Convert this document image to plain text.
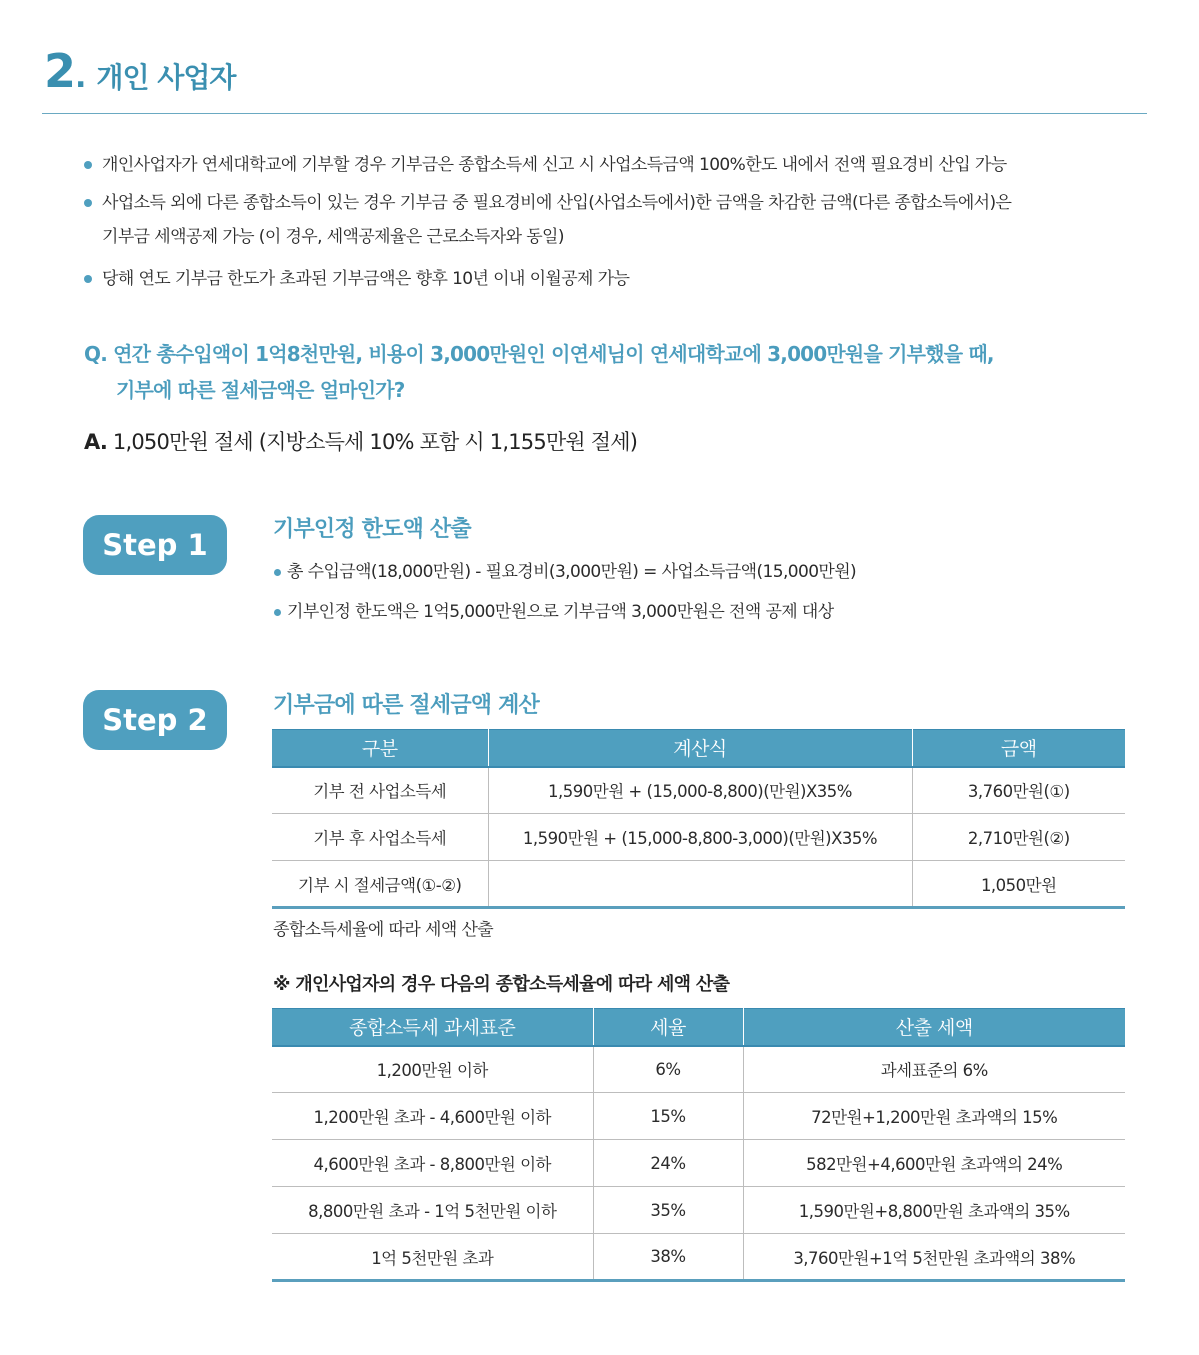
2 . 개인 사업자
개인사업자가 연세대학교에 기부할 경우 기부금은 종합소득세 신고 시 사업소득금액 100%한도 내에서 전액 필요경비 산입 가능
사업소득 외에 다른 종합소득이 있는 경우 기부금 중 필요경비에 산입(사업소득에서)한 금액을 차감한 금액(다른 종합소득에서)은
기부금 세액공제 가능 (이 경우, 세액공제율은 근로소득자와 동일)
당해 연도 기부금 한도가 초과된 기부금액은 향후 10년 이내 이월공제 가능
Q. 연간 총수입액이 1억8천만원, 비용이 3,000만원인 이연세님이 연세대학교에 3,000만원을 기부했을 때,
기부에 따른 절세금액은 얼마인가?
A. 1,050만원 절세 (지방소득세 10% 포함 시 1,155만원 절세)
Step 1	기부인정 한도액 산출
총 수입금액(18,000만원) - 필요경비(3,000만원) = 사업소득금액(15,000만원)
기부인정 한도액은 1억5,000만원으로 기부금액 3,000만원은 전액 공제 대상
Step 2	기부금에 따른 절세금액 계산
구분	계산식	금액
기부 전 사업소득세	1,590만원 + (15,000-8,800)(만원)X35%	3,760만원(①)
기부 후 사업소득세	1,590만원 + (15,000-8,800-3,000)(만원)X35%	2,710만원(②)
기부 시 절세금액(①-②)		1,050만원
종합소득세율에 따라 세액 산출
※ 개인사업자의 경우 다음의 종합소득세율에 따라 세액 산출
종합소득세 과세표준	세율	산출 세액
1,200만원 이하	6%	과세표준의 6%
1,200만원 초과 - 4,600만원 이하	15%	72만원+1,200만원 초과액의 15%
4,600만원 초과 - 8,800만원 이하	24%	582만원+4,600만원 초과액의 24%
8,800만원 초과 - 1억 5천만원 이하	35%	1,590만원+8,800만원 초과액의 35%
1억 5천만원 초과	38%	3,760만원+1억 5천만원 초과액의 38%
